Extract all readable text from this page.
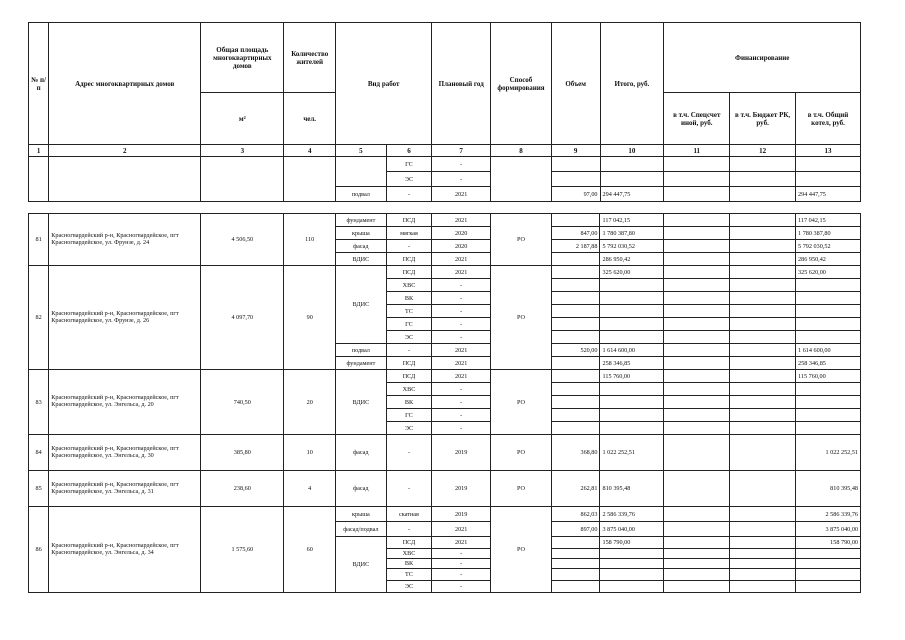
№ п/п	Адрес многоквартирных домов	Общая площадь многоквартирных домов	Количество жителей	Вид работ		Плановый год	Способ формирования	Объем	Итого, руб.	Финансирование		
		м²	чел.							в т.ч. Спецсчет иной, руб.	в т.ч. Бюджет РК, руб.	в т.ч. Общий котел, руб.
1	2	3	4	5	6	7	8	9	10	11	12	13
					ГС	-						
					ЭС	-						
				подвал	-	2021		97,00	294 447,75			294 447,75
81	Красногвардейский р-н, Красногвардейское, пгт Красногвардейское, ул. Фрунзе, д. 24	4 506,50	110	фундамент	ПСД	2021	РО		117 042,15			117 042,15
				крыша	мягкая	2020		847,00	1 780 387,80			1 780 387,80
				фасад	-	2020		2 187,88	5 792 030,52			5 792 030,52
				ВДИС	ПСД	2021			286 950,42			286 950,42
82	Красногвардейский р-н, Красногвардейское, пгт Красногвардейское, ул. Фрунзе, д. 26	4 097,70	90	ВДИС	ПСД	2021	РО		325 620,00			325 620,00
					ХВС	-						
					ВК	-						
					ТС	-						
					ГС	-						
					ЭС	-						
				подвал	-	2021		520,00	1 614 600,00			1 614 600,00
				фундамент	ПСД	2021			258 346,85			258 346,85
83	Красногвардейский р-н, Красногвардейское, пгт Красногвардейское, ул. Энгельса, д. 20	740,50	20	ВДИС	ПСД	2021	РО		115 760,00			115 760,00
					ХВС	-						
					ВК	-						
					ГС	-						
					ЭС	-						
84	Красногвардейский р-н, Красногвардейское, пгт Красногвардейское, ул. Энгельса, д. 30	385,80	10	фасад	-	2019	РО	368,80	1 022 252,51			1 022 252,51
85	Красногвардейский р-н, Красногвардейское, пгт Красногвардейское, ул. Энгельса, д. 31	238,60	4	фасад	-	2019	РО	262,81	810 395,48			810 395,48
86	Красногвардейский р-н, Красногвардейское, пгт Красногвардейское, ул. Энгельса, д. 34	1 575,60	60	крыша	скатная	2019	РО	862,03	2 586 339,76			2 586 339,76
				фасад/подвал	-	2021		897,00	3 875 040,00			3 875 040,00
				ВДИС	ПСД	2021			158 790,00			158 790,00
					ХВС	-						
					ВК	-						
					ТС	-						
					ЭС	-						
